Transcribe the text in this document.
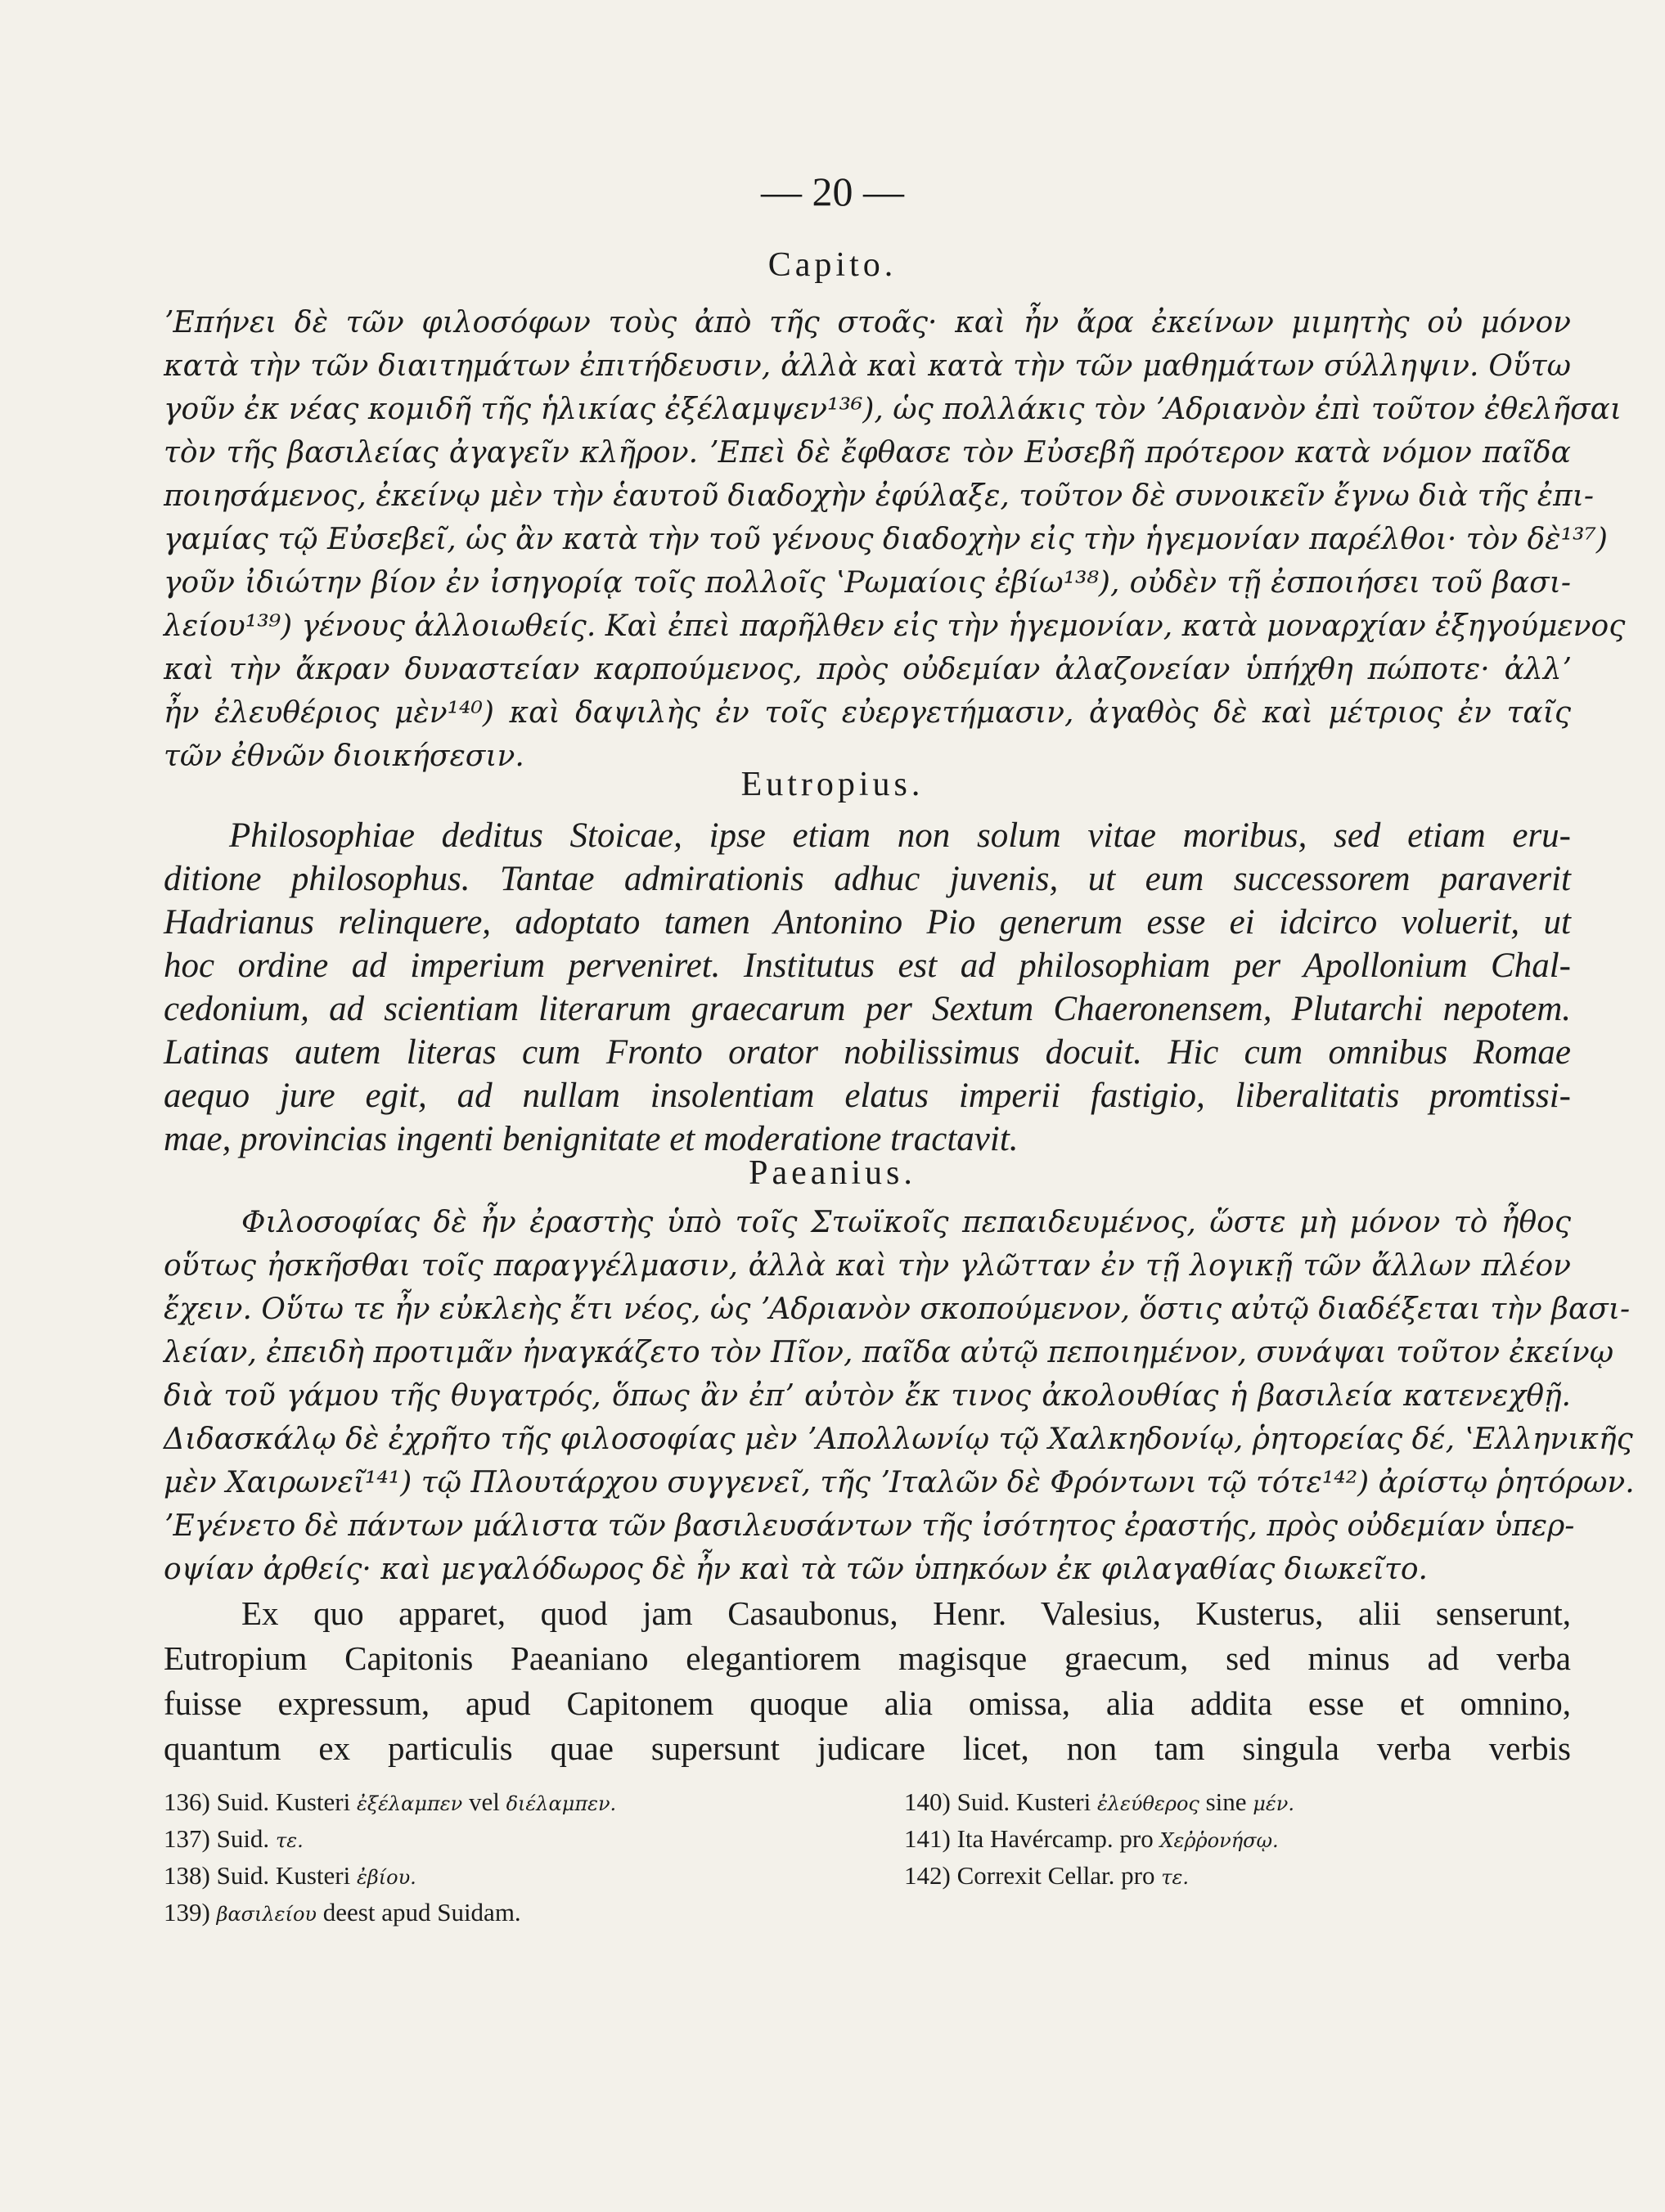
— 20 —
Capito.
ʼΕπήνει δὲ τῶν φιλοσόφων τοὺς ἀπὸ τῆς στοᾶς· καὶ ἦν ἄρα ἐκείνων μιμητὴς οὐ μόνον
κατὰ τὴν τῶν διαιτημάτων ἐπιτήδευσιν, ἀλλὰ καὶ κατὰ τὴν τῶν μαθημάτων σύλληψιν. Οὕτω
γοῦν ἐκ νέας κομιδῆ τῆς ἡλικίας ἐξέλαμψεν¹³⁶), ὡς πολλάκις τὸν ʼΑδριανὸν ἐπὶ τοῦτον ἐθελῆσαι
τὸν τῆς βασιλείας ἀγαγεῖν κλῆρον. ʼΕπεὶ δὲ ἔφθασε τὸν Εὐσεβῆ πρότερον κατὰ νόμον παῖδα
ποιησάμενος, ἐκείνῳ μὲν τὴν ἑαυτοῦ διαδοχὴν ἐφύλαξε, τοῦτον δὲ συνοικεῖν ἔγνω διὰ τῆς ἐπι-
γαμίας τῷ Εὐσεβεῖ, ὡς ἂν κατὰ τὴν τοῦ γένους διαδοχὴν εἰς τὴν ἡγεμονίαν παρέλθοι· τὸν δὲ¹³⁷)
γοῦν ἰδιώτην βίον ἐν ἰσηγορίᾳ τοῖς πολλοῖς ʽΡωμαίοις ἐβίω¹³⁸), οὐδὲν τῇ ἐσποιήσει τοῦ βασι-
λείου¹³⁹) γένους ἀλλοιωθείς. Καὶ ἐπεὶ παρῆλθεν εἰς τὴν ἡγεμονίαν, κατὰ μοναρχίαν ἐξηγούμενος
καὶ τὴν ἄκραν δυναστείαν καρπούμενος, πρὸς οὐδεμίαν ἀλαζονείαν ὑπήχθη πώποτε· ἀλλʼ
ἦν ἐλευθέριος μὲν¹⁴⁰) καὶ δαψιλὴς ἐν τοῖς εὐεργετήμασιν, ἀγαθὸς δὲ καὶ μέτριος ἐν ταῖς
τῶν ἐθνῶν διοικήσεσιν.
Eutropius.
Philosophiae deditus Stoicae, ipse etiam non solum vitae moribus, sed etiam eru-
ditione philosophus. Tantae admirationis adhuc juvenis, ut eum successorem paraverit
Hadrianus relinquere, adoptato tamen Antonino Pio generum esse ei idcirco voluerit, ut
hoc ordine ad imperium perveniret. Institutus est ad philosophiam per Apollonium Chal-
cedonium, ad scientiam literarum graecarum per Sextum Chaeronensem, Plutarchi nepotem.
Latinas autem literas cum Fronto orator nobilissimus docuit. Hic cum omnibus Romae
aequo jure egit, ad nullam insolentiam elatus imperii fastigio, liberalitatis promtissi-
mae, provincias ingenti benignitate et moderatione tractavit.
Paeanius.
Φιλοσοφίας δὲ ἦν ἐραστὴς ὑπὸ τοῖς Στωϊκοῖς πεπαιδευμένος, ὥστε μὴ μόνον τὸ ἦθος
οὕτως ἠσκῆσθαι τοῖς παραγγέλμασιν, ἀλλὰ καὶ τὴν γλῶτταν ἐν τῇ λογικῇ τῶν ἄλλων πλέον
ἔχειν. Οὕτω τε ἦν εὐκλεὴς ἔτι νέος, ὡς ʼΑδριανὸν σκοπούμενον, ὅστις αὐτῷ διαδέξεται τὴν βασι-
λείαν, ἐπειδὴ προτιμᾶν ἠναγκάζετο τὸν Πῖον, παῖδα αὐτῷ πεποιημένον, συνάψαι τοῦτον ἐκείνῳ
διὰ τοῦ γάμου τῆς θυγατρός, ὅπως ἂν ἐπʼ αὐτὸν ἔκ τινος ἀκολουθίας ἡ βασιλεία κατενεχθῇ.
Διδασκάλῳ δὲ ἐχρῆτο τῆς φιλοσοφίας μὲν ʼΑπολλωνίῳ τῷ Χαλκηδονίῳ, ῥητορείας δέ, ʽΕλληνικῆς
μὲν Χαιρωνεῖ¹⁴¹) τῷ Πλουτάρχου συγγενεῖ, τῆς ʼΙταλῶν δὲ Φρόντωνι τῷ τότε¹⁴²) ἀρίστῳ ῥητόρων.
ʼΕγένετο δὲ πάντων μάλιστα τῶν βασιλευσάντων τῆς ἰσότητος ἐραστής, πρὸς οὐδεμίαν ὑπερ-
οψίαν ἀρθείς· καὶ μεγαλόδωρος δὲ ἦν καὶ τὰ τῶν ὑπηκόων ἐκ φιλαγαθίας διωκεῖτο.
Ex quo apparet, quod jam Casaubonus, Henr. Valesius, Kusterus, alii senserunt,
Eutropium Capitonis Paeaniano elegantiorem magisque graecum, sed minus ad verba
fuisse expressum, apud Capitonem quoque alia omissa, alia addita esse et omnino,
quantum ex particulis quae supersunt judicare licet, non tam singula verba verbis
136) Suid. Kusteri ἐξέλαμπεν vel διέλαμπεν.
137) Suid. τε.
138) Suid. Kusteri ἐβίου.
139) βασιλείου deest apud Suidam.
140) Suid. Kusteri ἐλεύθερος sine μέν.
141) Ita Havércamp. pro Χεῤῥονήσῳ.
142) Correxit Cellar. pro τε.
